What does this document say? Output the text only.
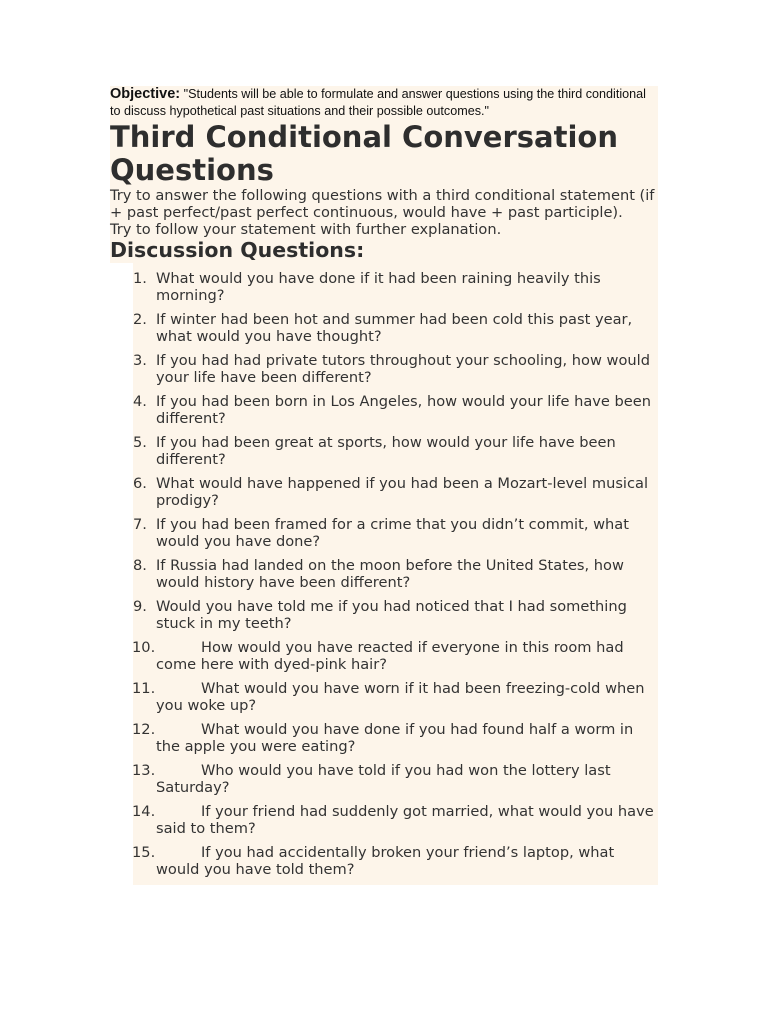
Objective: "Students will be able to formulate and answer questions using the third conditional to discuss hypothetical past situations and their possible outcomes."
Third Conditional Conversation Questions
Try to answer the following questions with a third conditional statement (if + past perfect/past perfect continuous, would have + past participle).
Try to follow your statement with further explanation.
Discussion Questions:
1. What would you have done if it had been raining heavily this morning?
2. If winter had been hot and summer had been cold this past year, what would you have thought?
3. If you had had private tutors throughout your schooling, how would your life have been different?
4. If you had been born in Los Angeles, how would your life have been different?
5. If you had been great at sports, how would your life have been different?
6. What would have happened if you had been a Mozart-level musical prodigy?
7. If you had been framed for a crime that you didn’t commit, what would you have done?
8. If Russia had landed on the moon before the United States, how would history have been different?
9. Would you have told me if you had noticed that I had something stuck in my teeth?
10.	How would you have reacted if everyone in this room had come here with dyed-pink hair?
11.	What would you have worn if it had been freezing-cold when you woke up?
12.	What would you have done if you had found half a worm in the apple you were eating?
13.	Who would you have told if you had won the lottery last Saturday?
14.	If your friend had suddenly got married, what would you have said to them?
15.	If you had accidentally broken your friend’s laptop, what would you have told them?
